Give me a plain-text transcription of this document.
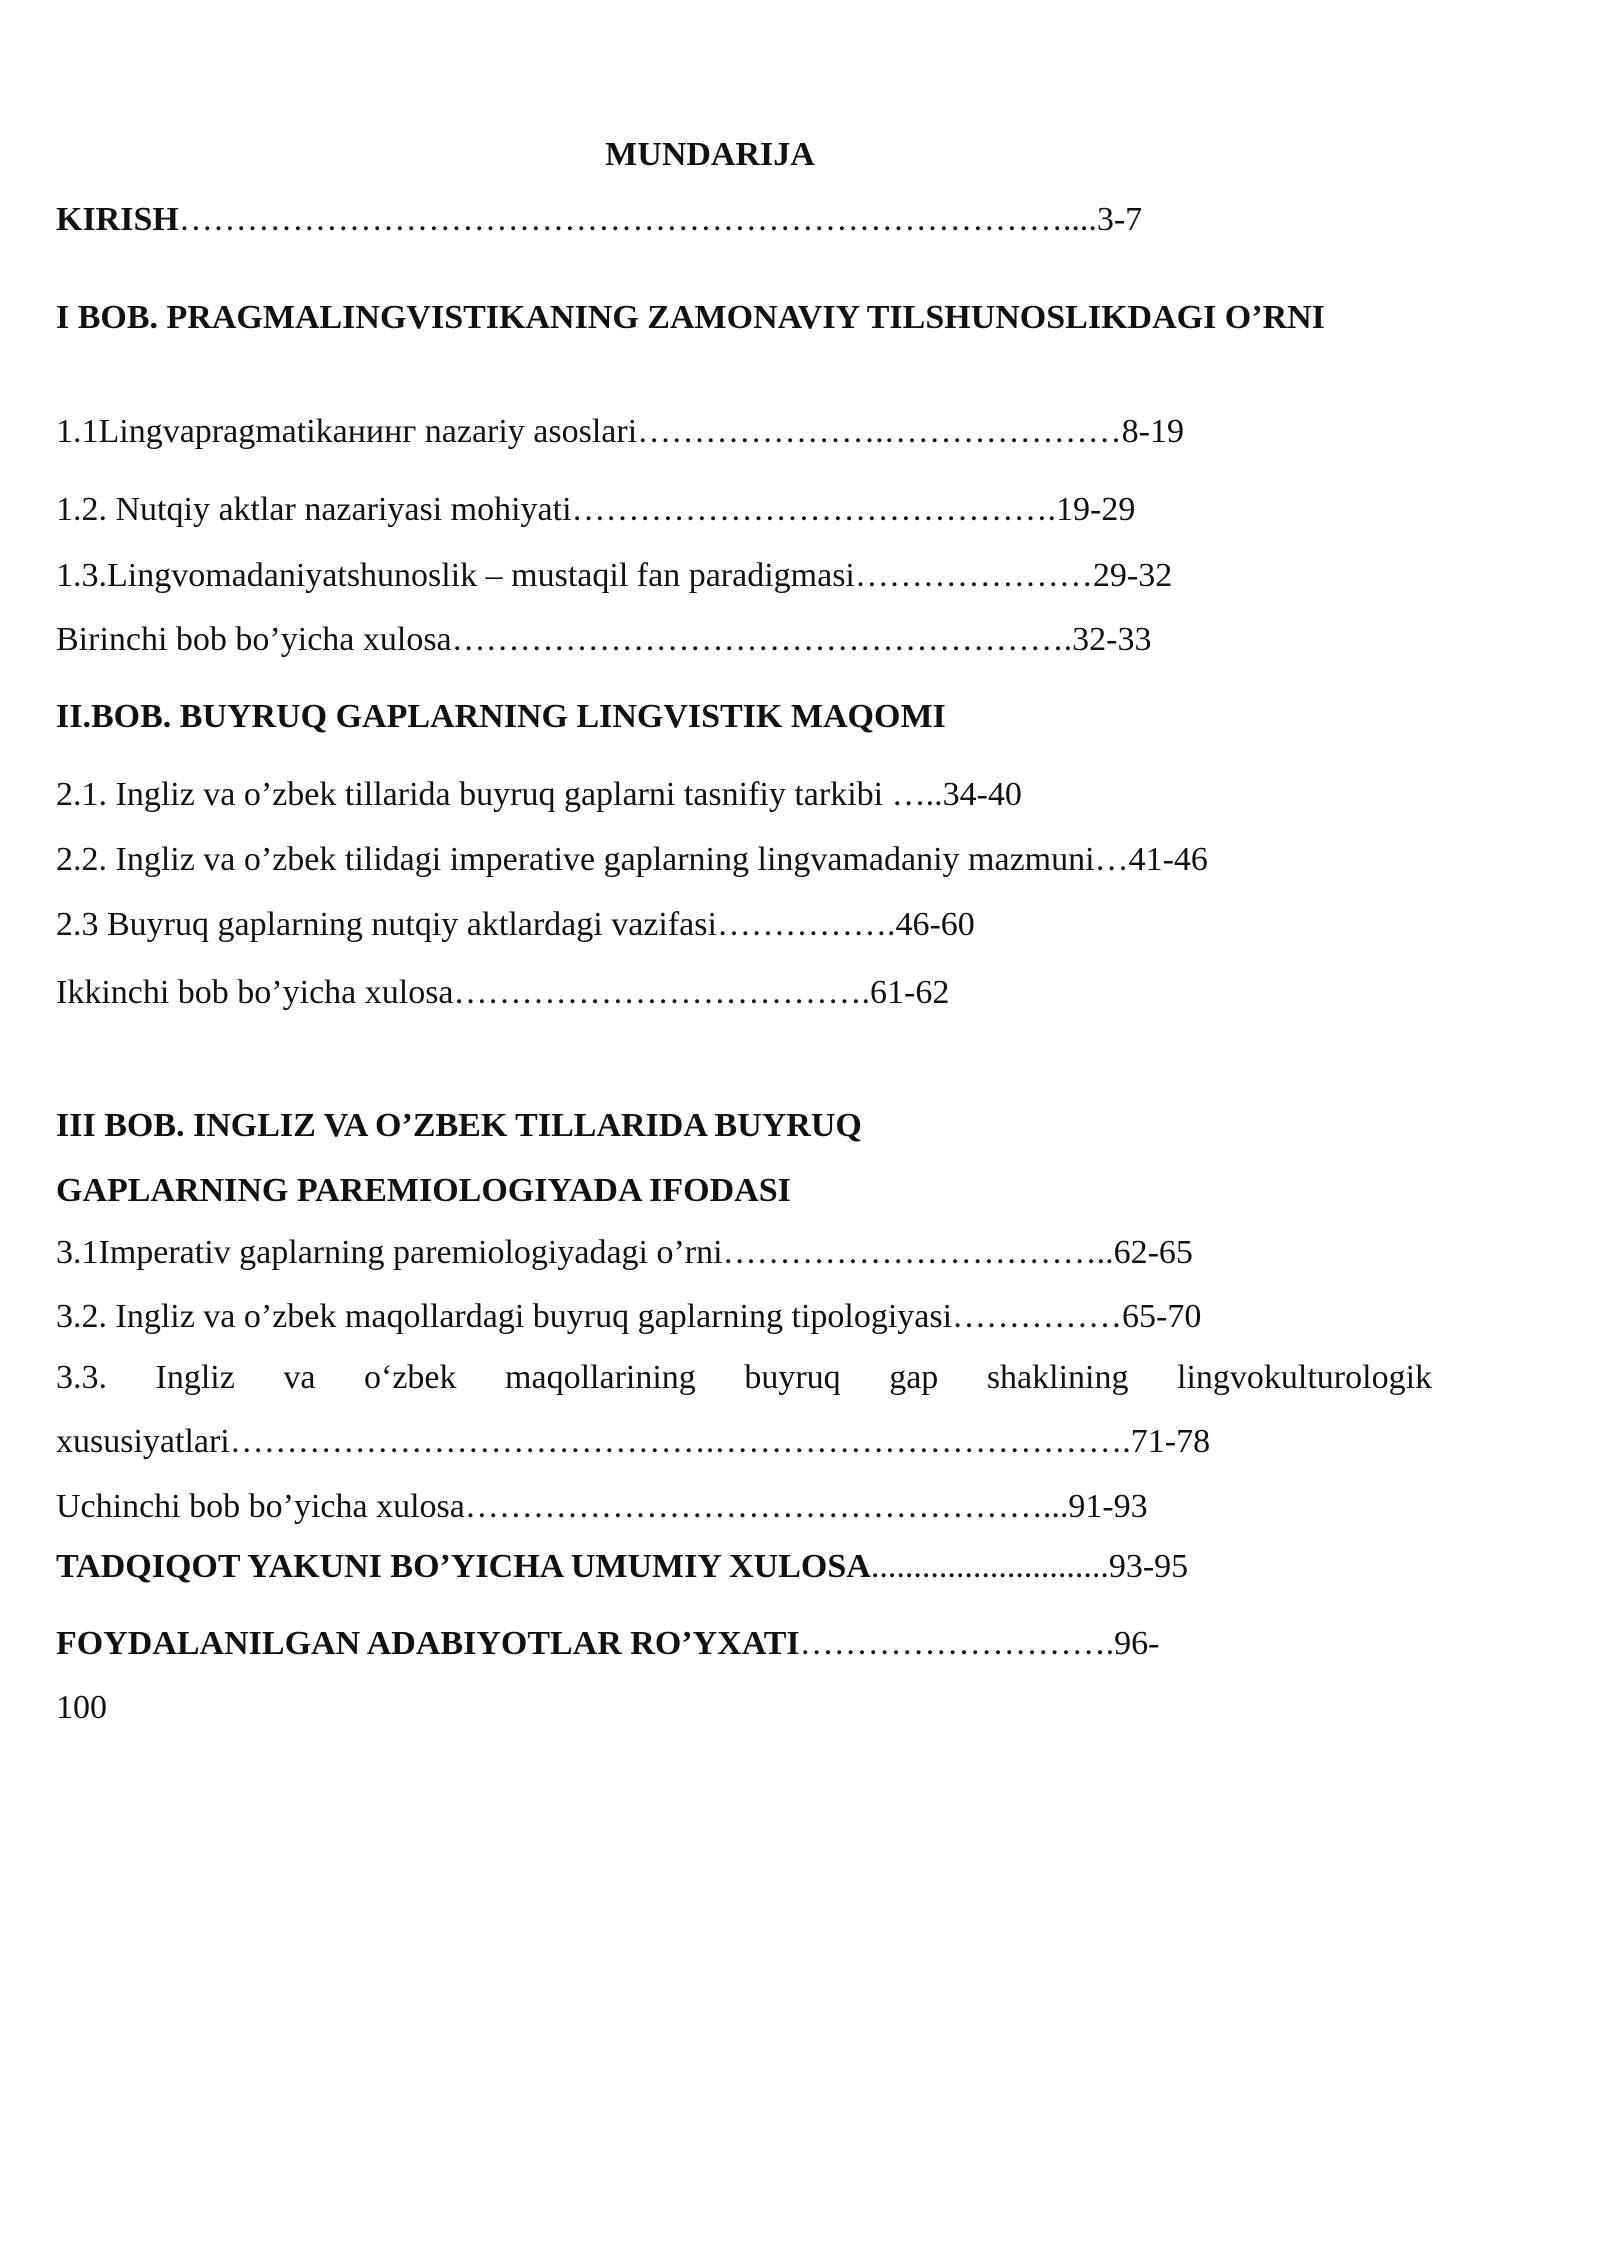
MUNDARIJA
KIRISH……………………………………………………………………....3-7
I BOB. PRAGMALINGVISTIKANING ZAMONAVIY TILSHUNOSLIKDAGI O’RNI
1.1Lingvapragmatikанинг nazariy asoslari………………….…………………8-19
1.2. Nutqiy aktlar nazariyasi mohiyati…………………………………….19-29
1.3.Lingvomadaniyatshunoslik – mustaqil fan paradigmasi…………………29-32
Birinchi bob bo’yicha xulosa……………………………………………….32-33
II.BOB. BUYRUQ GAPLARNING LINGVISTIK MAQOMI
2.1. Ingliz va o’zbek tillarida buyruq gaplarni tasnifiy tarkibi …..34-40
2.2. Ingliz va o’zbek tilidagi imperative gaplarning lingvamadaniy mazmuni…41-46
2.3 Buyruq gaplarning nutqiy aktlardagi vazifasi…………….46-60
Ikkinchi bob bo’yicha xulosa……………………………….61-62
III BOB. INGLIZ VA O’ZBEK TILLARIDA BUYRUQ
GAPLARNING PAREMIOLOGIYADA IFODASI
3.1Imperativ gaplarning paremiologiyadagi o’rni……………………………..62-65
3.2. Ingliz va o’zbek maqollardagi buyruq gaplarning tipologiyasi……………65-70
3.3. Ingliz va o‘zbek maqollarining buyruq gap shaklining lingvokulturologik
xususiyatlari…………………………………….……………………………….71-78
Uchinchi bob bo’yicha xulosa……………………………………………...91-93
TADQIQOT YAKUNI BO’YICHA UMUMIY XULOSA............................93-95
FOYDALANILGAN ADABIYOTLAR RO’YXATI……………………….96-
100
